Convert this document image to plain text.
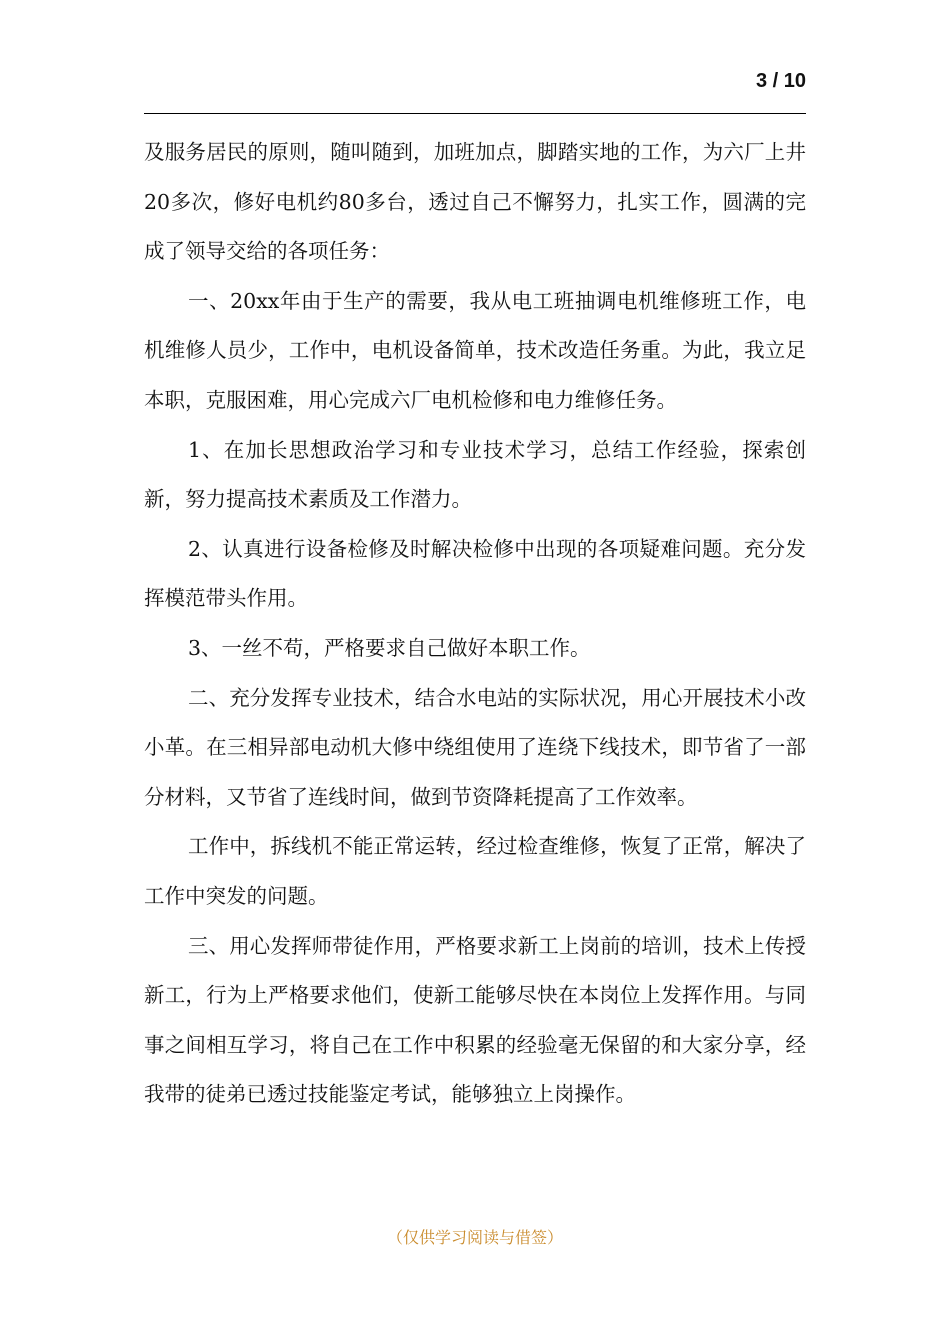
3 / 10

及服务居民的原则，随叫随到，加班加点，脚踏实地的工作，为六厂上井20多次，修好电机约80多台，透过自己不懈努力，扎实工作，圆满的完成了领导交给的各项任务：

一、20xx年由于生产的需要，我从电工班抽调电机维修班工作，电机维修人员少，工作中，电机设备简单，技术改造任务重。为此，我立足本职，克服困难，用心完成六厂电机检修和电力维修任务。

1、在加长思想政治学习和专业技术学习，总结工作经验，探索创新，努力提高技术素质及工作潜力。

2、认真进行设备检修及时解决检修中出现的各项疑难问题。充分发挥模范带头作用。

3、一丝不苟，严格要求自己做好本职工作。

二、充分发挥专业技术，结合水电站的实际状况，用心开展技术小改小革。在三相异部电动机大修中绕组使用了连绕下线技术，即节省了一部分材料，又节省了连线时间，做到节资降耗提高了工作效率。

工作中，拆线机不能正常运转，经过检查维修，恢复了正常，解决了工作中突发的问题。

三、用心发挥师带徒作用，严格要求新工上岗前的培训，技术上传授新工，行为上严格要求他们，使新工能够尽快在本岗位上发挥作用。与同事之间相互学习，将自己在工作中积累的经验毫无保留的和大家分享，经我带的徒弟已透过技能鉴定考试，能够独立上岗操作。

（仅供学习阅读与借签）
